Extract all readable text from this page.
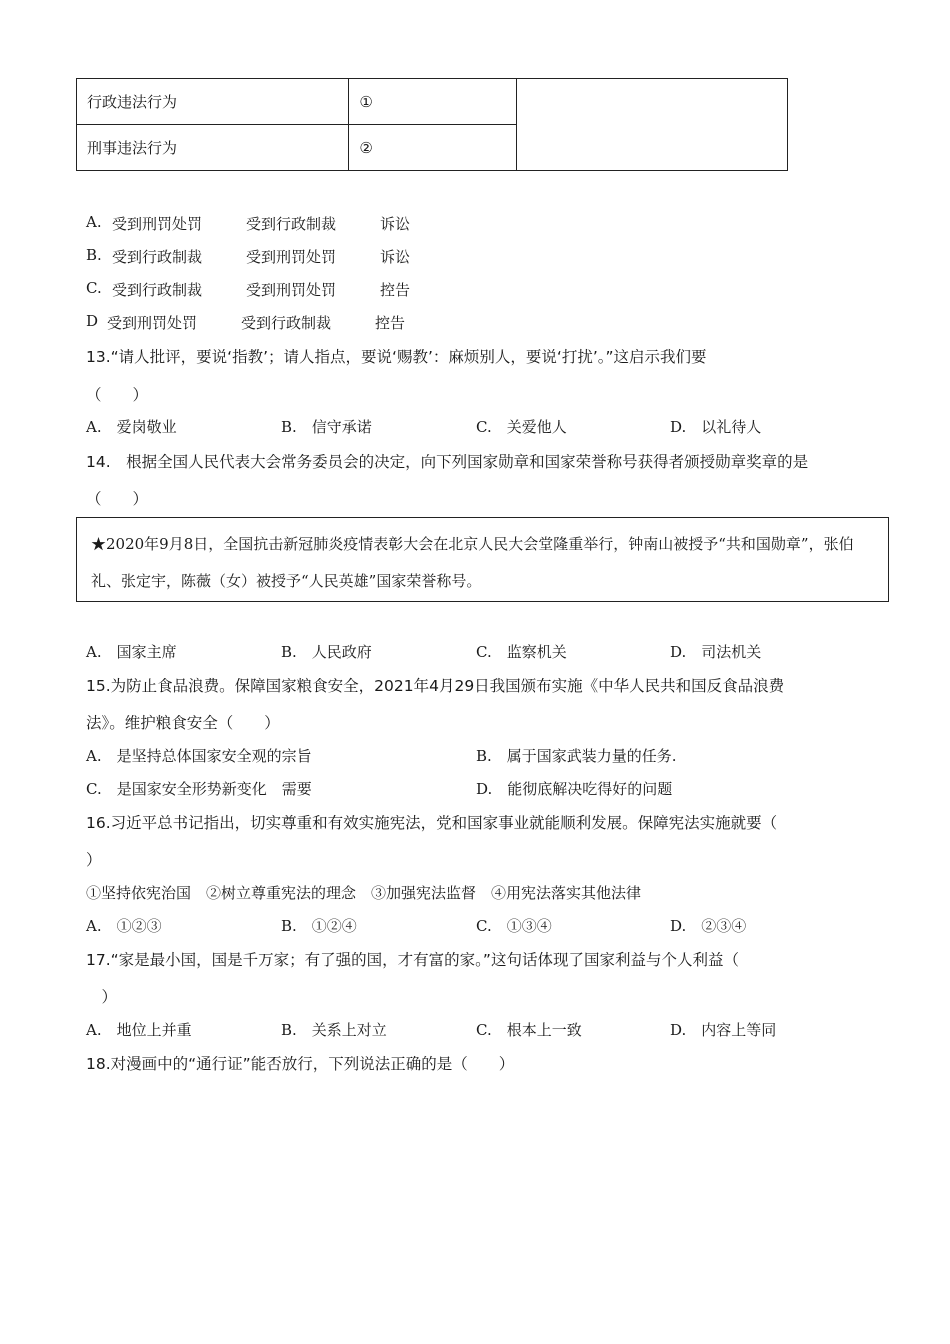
行政违法行为	①	
刑事违法行为	②	
A. 受到刑罚处罚	受到行政制裁	诉讼
B. 受到行政制裁	受到刑罚处罚	诉讼
C. 受到行政制裁	受到刑罚处罚	控告
D 受到刑罚处罚	受到行政制裁	控告
13.“请人批评，要说‘指教’；请人指点，要说‘赐教’：麻烦别人，要说‘打扰’。”这启示我们要
（　　）
A.　爱岗敬业	B.　信守承诺	C.　关爱他人	D.　以礼待人
14.　根据全国人民代表大会常务委员会的决定，向下列国家勋章和国家荣誉称号获得者颁授勋章奖章的是
（　　）
★2020年9月8日，全国抗击新冠肺炎疫情表彰大会在北京人民大会堂隆重举行，钟南山被授予“共和国勋章”，张伯礼、张定宇，陈薇（女）被授予“人民英雄”国家荣誉称号。
A.　国家主席	B.　人民政府	C.　监察机关	D.　司法机关
15.为防止食品浪费。保障国家粮食安全，2021年4月29日我国颁布实施《中华人民共和国反食品浪费
法》。维护粮食安全（　　）
A.　是坚持总体国家安全观的宗旨	B.　属于国家武装力量的任务.
C.　是国家安全形势新变化　需要	D.　能彻底解决吃得好的问题
16.习近平总书记指出，切实尊重和有效实施宪法，党和国家事业就能顺利发展。保障宪法实施就要（
）
①坚持依宪治国　②树立尊重宪法的理念　③加强宪法监督　④用宪法落实其他法律
A.　①②③	B.　①②④	C.　①③④	D.　②③④
17.“家是最小国，国是千万家；有了强的国，才有富的家。”这句话体现了国家利益与个人利益（
　）
A.　地位上并重	B.　关系上对立	C.　根本上一致	D.　内容上等同
18.对漫画中的“通行证”能否放行，下列说法正确的是（　　）
